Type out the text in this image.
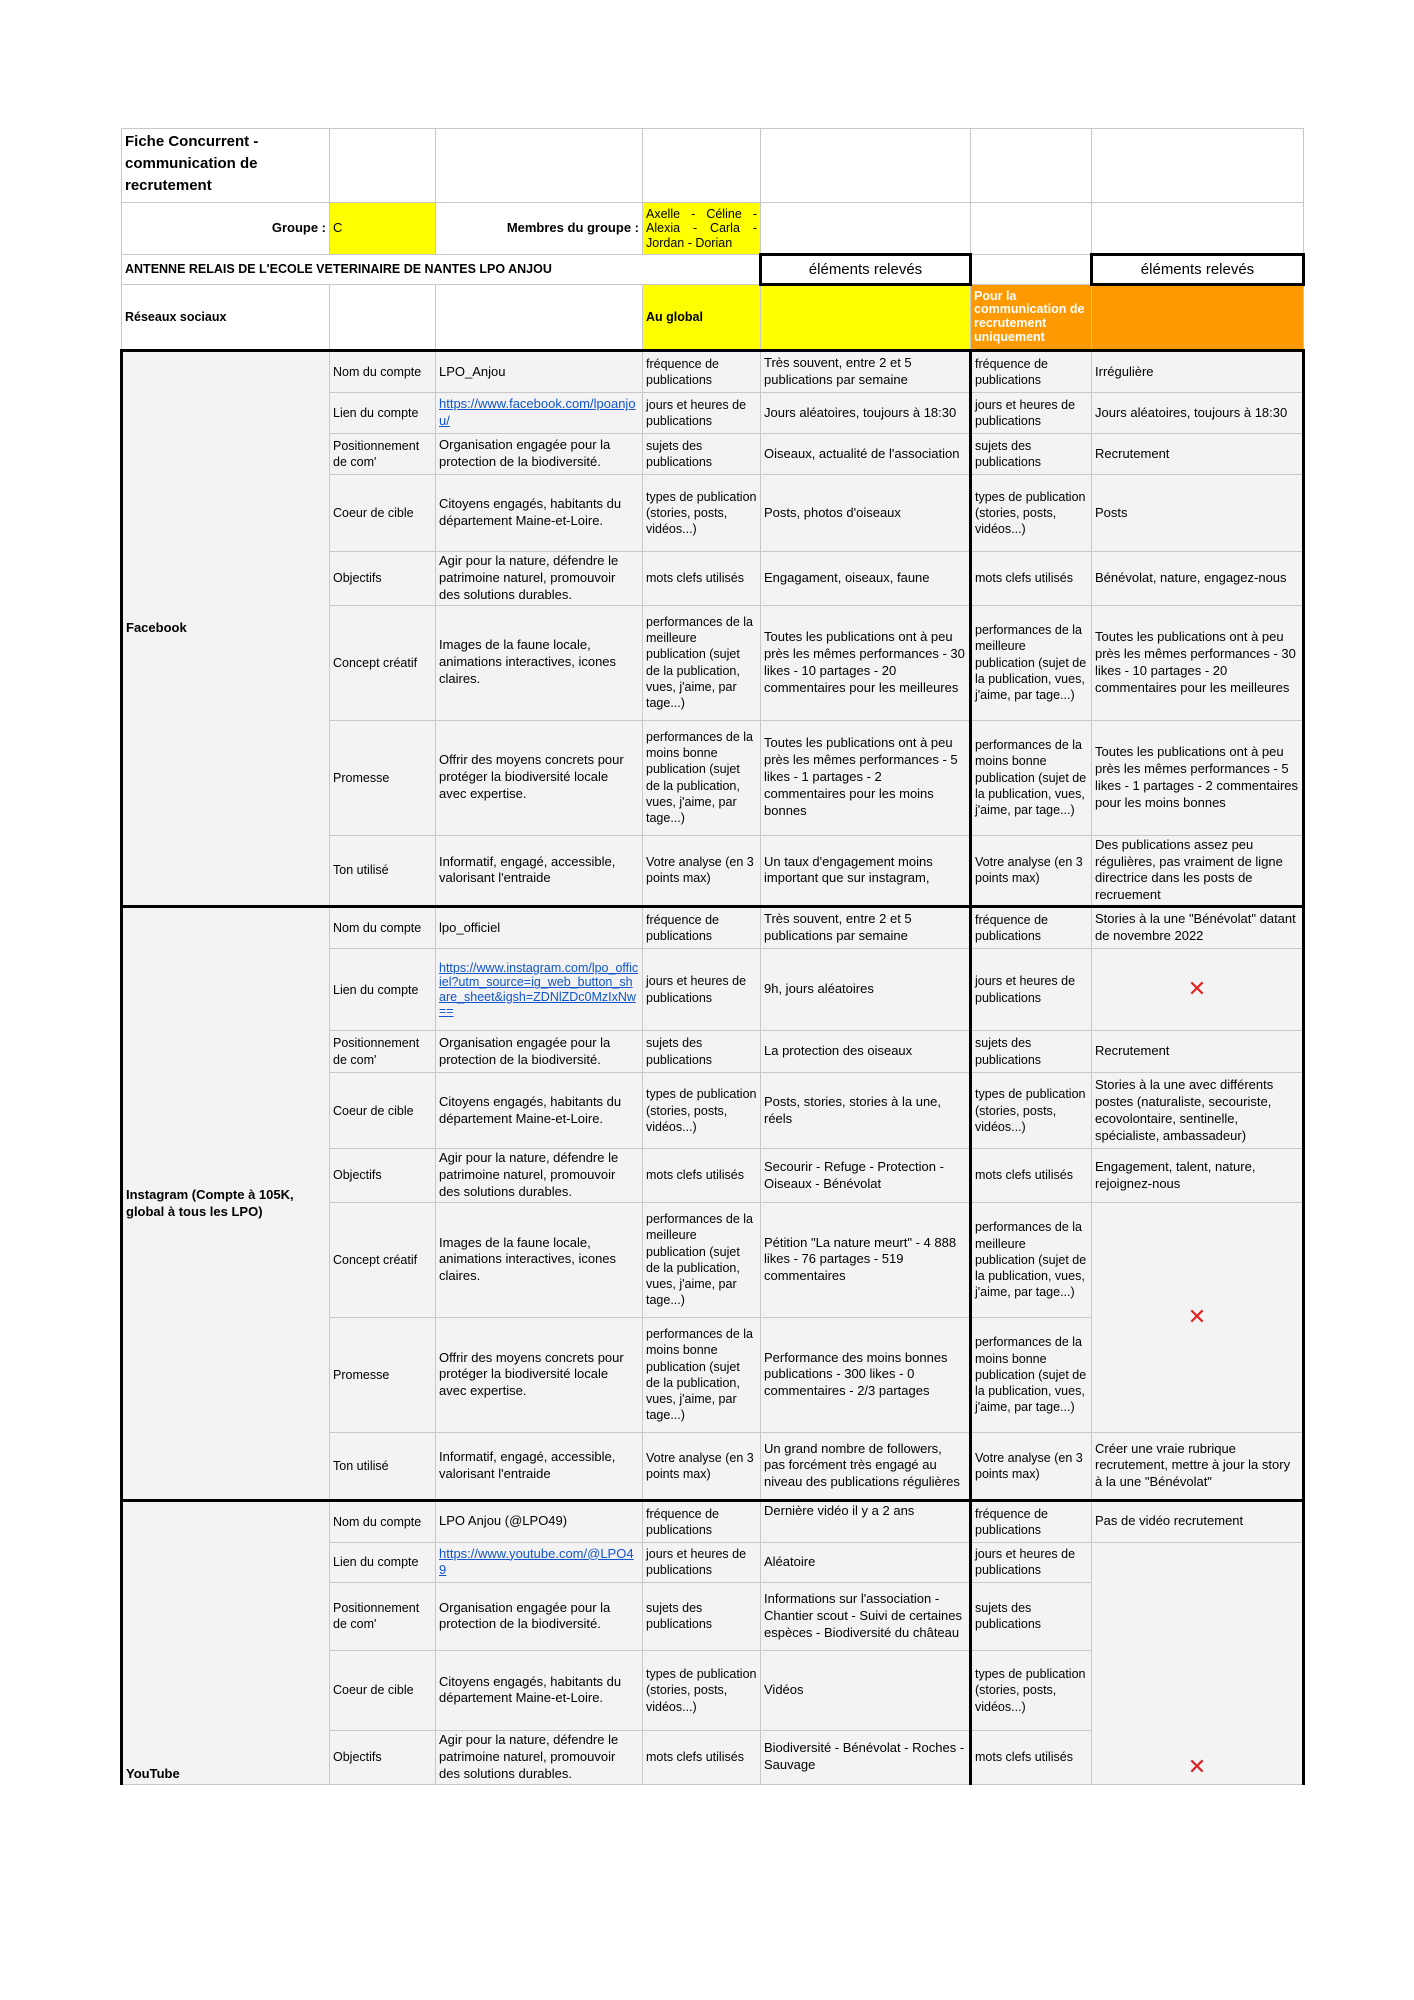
Fiche Concurrent - communication de recrutement						
Groupe :	C	Membres du groupe :	Axelle - Céline - Alexia - Carla - Jordan - Dorian			
ANTENNE RELAIS DE L'ECOLE VETERINAIRE DE NANTES LPO ANJOU				éléments relevés		éléments relevés
Réseaux sociaux			Au global		Pour la communication de recrutement uniquement	
Facebook	Nom du compte	LPO_Anjou	fréquence de publications	Très souvent, entre 2 et 5 publications par semaine	fréquence de publications	Irrégulière
	Lien du compte	https://www.facebook.com/lpoanjou/	jours et heures de publications	Jours aléatoires, toujours à 18:30	jours et heures de publications	Jours aléatoires, toujours à 18:30
	Positionnement de com'	Organisation engagée pour la protection de la biodiversité.	sujets des publications	Oiseaux, actualité de l'association	sujets des publications	Recrutement
	Coeur de cible	Citoyens engagés, habitants du département Maine-et-Loire.	types de publication (stories, posts, vidéos...)	Posts, photos d'oiseaux	types de publication (stories, posts, vidéos...)	Posts
	Objectifs	Agir pour la nature, défendre le patrimoine naturel, promouvoir des solutions durables.	mots clefs utilisés	Engagament, oiseaux, faune	mots clefs utilisés	Bénévolat, nature, engagez-nous
	Concept créatif	Images de la faune locale, animations interactives, icones claires.	performances de la meilleure publication (sujet de la publication, vues, j'aime, par tage...)	Toutes les publications ont à peu près les mêmes performances - 30 likes - 10 partages - 20 commentaires pour les meilleures	performances de la meilleure publication (sujet de la publication, vues, j'aime, par tage...)	Toutes les publications ont à peu près les mêmes performances - 30 likes - 10 partages - 20 commentaires pour les meilleures
	Promesse	Offrir des moyens concrets pour protéger la biodiversité locale avec expertise.	performances de la moins bonne publication (sujet de la publication, vues, j'aime, par tage...)	Toutes les publications ont à peu près les mêmes performances - 5 likes - 1 partages - 2 commentaires pour les moins bonnes	performances de la moins bonne publication (sujet de la publication, vues, j'aime, par tage...)	Toutes les publications ont à peu près les mêmes performances - 5 likes - 1 partages - 2 commentaires pour les moins bonnes
	Ton utilisé	Informatif, engagé, accessible, valorisant l'entraide	Votre analyse (en 3 points max)	Un taux d'engagement moins important que sur instagram,	Votre analyse (en 3 points max)	Des publications assez peu régulières, pas vraiment de ligne directrice dans les posts de recruement
Instagram (Compte à 105K, global à tous les LPO)	Nom du compte	lpo_officiel	fréquence de publications	Très souvent, entre 2 et 5 publications par semaine	fréquence de publications	Stories à la une "Bénévolat" datant de novembre 2022
	Lien du compte	https://www.instagram.com/lpo_officiel?utm_source=ig_web_button_share_sheet&igsh=ZDNlZDc0MzIxNw==	jours et heures de publications	9h, jours aléatoires	jours et heures de publications	✕
	Positionnement de com'	Organisation engagée pour la protection de la biodiversité.	sujets des publications	La protection des oiseaux	sujets des publications	Recrutement
	Coeur de cible	Citoyens engagés, habitants du département Maine-et-Loire.	types de publication (stories, posts, vidéos...)	Posts, stories, stories à la une, réels	types de publication (stories, posts, vidéos...)	Stories à la une avec différents postes (naturaliste, secouriste, ecovolontaire, sentinelle, spécialiste, ambassadeur)
	Objectifs	Agir pour la nature, défendre le patrimoine naturel, promouvoir des solutions durables.	mots clefs utilisés	Secourir - Refuge - Protection - Oiseaux - Bénévolat	mots clefs utilisés	Engagement, talent, nature, rejoignez-nous
	Concept créatif	Images de la faune locale, animations interactives, icones claires.	performances de la meilleure publication (sujet de la publication, vues, j'aime, par tage...)	Pétition "La nature meurt" - 4 888 likes - 76 partages - 519 commentaires	performances de la meilleure publication (sujet de la publication, vues, j'aime, par tage...)	✕
	Promesse	Offrir des moyens concrets pour protéger la biodiversité locale avec expertise.	performances de la moins bonne publication (sujet de la publication, vues, j'aime, par tage...)	Performance des moins bonnes publications - 300 likes - 0 commentaires - 2/3 partages	performances de la moins bonne publication (sujet de la publication, vues, j'aime, par tage...)	
	Ton utilisé	Informatif, engagé, accessible, valorisant l'entraide	Votre analyse (en 3 points max)	Un grand nombre de followers, pas forcément très engagé au niveau des publications régulières	Votre analyse (en 3 points max)	Créer une vraie rubrique recrutement, mettre à jour la story à la une "Bénévolat"
YouTube	Nom du compte	LPO Anjou (@LPO49)	fréquence de publications	Dernière vidéo il y a 2 ans	fréquence de publications	Pas de vidéo recrutement
	Lien du compte	https://www.youtube.com/@LPO49	jours et heures de publications	Aléatoire	jours et heures de publications	✕
	Positionnement de com'	Organisation engagée pour la protection de la biodiversité.	sujets des publications	Informations sur l'association - Chantier scout - Suivi de certaines espèces - Biodiversité du château	sujets des publications	
	Coeur de cible	Citoyens engagés, habitants du département Maine-et-Loire.	types de publication (stories, posts, vidéos...)	Vidéos	types de publication (stories, posts, vidéos...)	
	Objectifs	Agir pour la nature, défendre le patrimoine naturel, promouvoir des solutions durables.	mots clefs utilisés	Biodiversité - Bénévolat - Roches - Sauvage	mots clefs utilisés	
